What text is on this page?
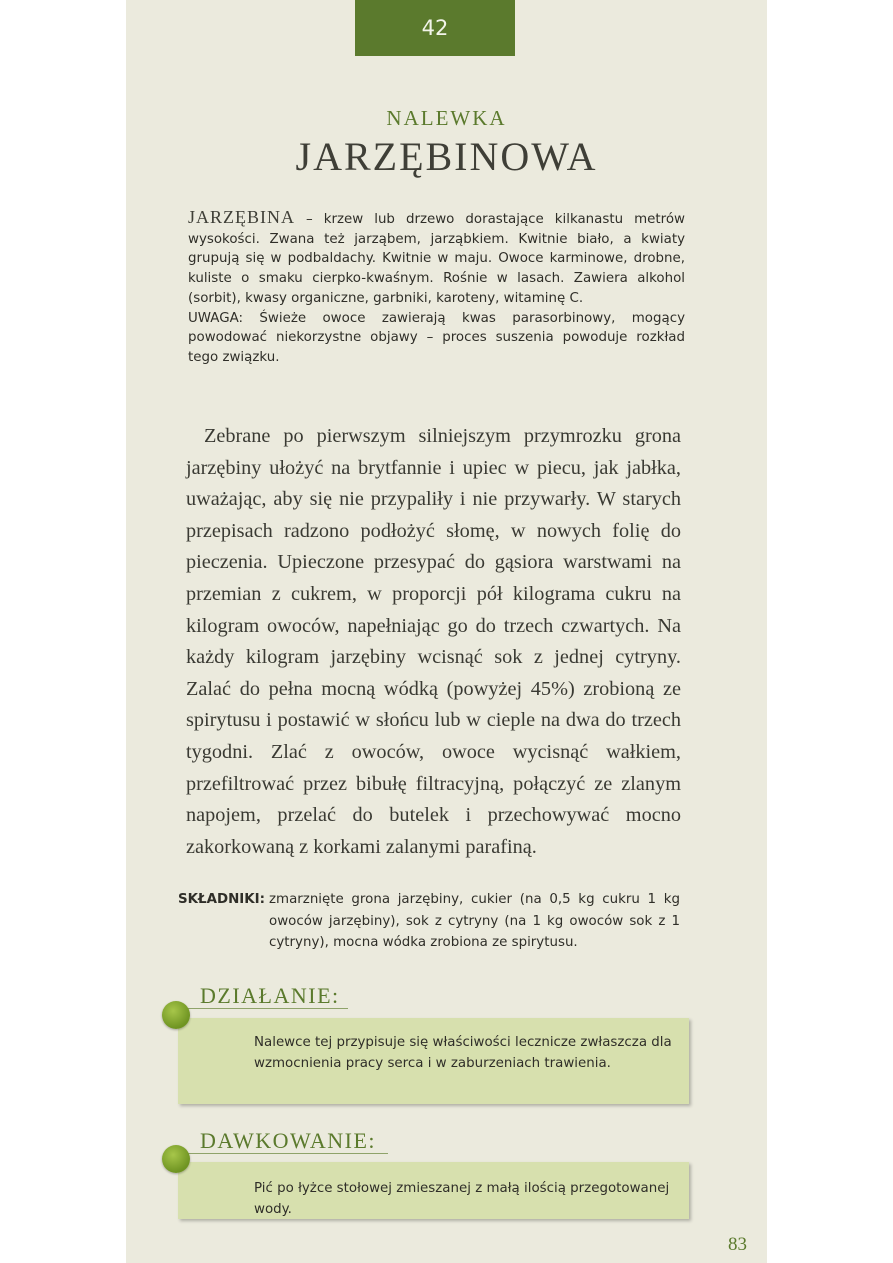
42
NALEWKA
JARZĘBINOWA

JARZĘBINA – krzew lub drzewo dorastające kilkanastu metrów wysokości. Zwana też jarząbem, jarząbkiem. Kwitnie biało, a kwiaty grupują się w podbaldachy. Kwitnie w maju. Owoce karminowe, drobne, kuliste o smaku cierpko-kwaśnym. Rośnie w lasach. Zawiera alkohol (sorbit), kwasy organiczne, garbniki, karoteny, witaminę C.

UWAGA: Świeże owoce zawierają kwas parasorbinowy, mogący powodować niekorzystne objawy – proces suszenia powoduje rozkład tego związku.

Zebrane po pierwszym silniejszym przymrozku grona jarzębiny ułożyć na brytfannie i upiec w piecu, jak jabłka, uważając, aby się nie przypaliły i nie przywarły. W starych przepisach radzono podłożyć słomę, w nowych folię do pieczenia. Upieczone przesypać do gąsiora warstwami na przemian z cukrem, w proporcji pół kilograma cukru na kilogram owoców, napełniając go do trzech czwartych. Na każdy kilogram jarzębiny wcisnąć sok z jednej cytryny. Zalać do pełna mocną wódką (powyżej 45%) zrobioną ze spirytusu i postawić w słońcu lub w cieple na dwa do trzech tygodni. Zlać z owoców, owoce wycisnąć wałkiem, przefiltrować przez bibułę filtracyjną, połączyć ze zlanym napojem, przelać do butelek i przechowywać mocno zakorkowaną z korkami zalanymi parafiną.

SKŁADNIKI: zmarznięte grona jarzębiny, cukier (na 0,5 kg cukru 1 kg owoców jarzębiny), sok z cytryny (na 1 kg owoców sok z 1 cytryny), mocna wódka zrobiona ze spirytusu.
DZIAŁANIE:

Nalewce tej przypisuje się właściwości lecznicze zwłaszcza dla wzmocnienia pracy serca i w zaburzeniach trawienia.

DAWKOWANIE:

Pić po łyżce stołowej zmieszanej z małą ilością przegotowanej wody.

83
